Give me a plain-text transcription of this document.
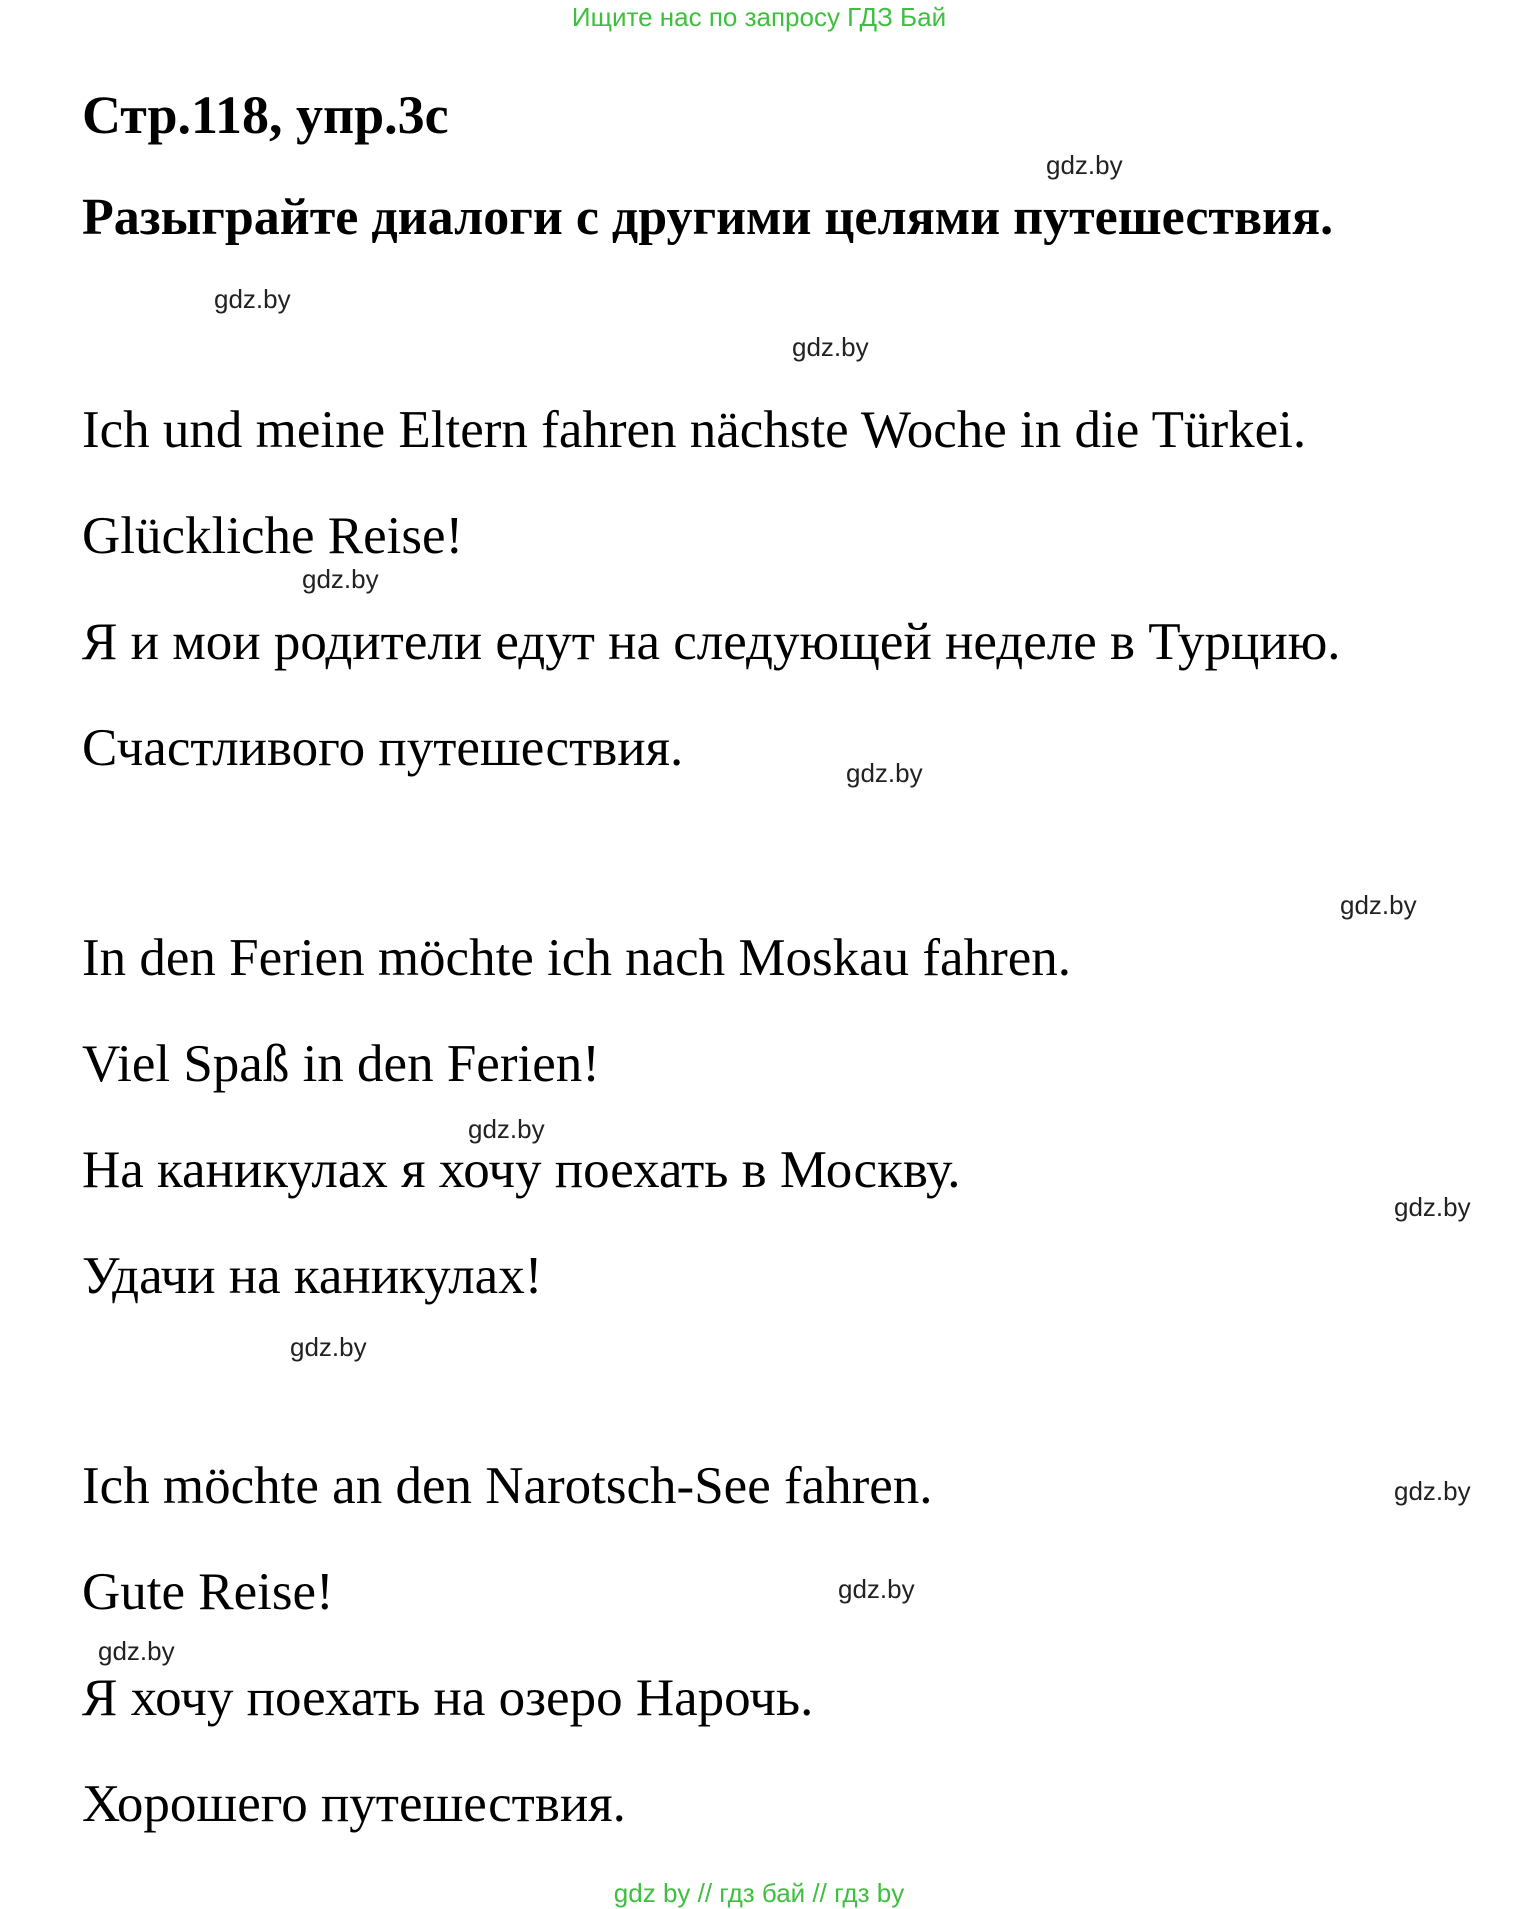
Ищите нас по запросу ГДЗ Бай
Стр.118, упр.3с
Разыграйте диалоги с другими целями путешествия.
Ich und meine Eltern fahren nächste Woche in die Türkei.
Glückliche Reise!
Я и мои родители едут на следующей неделе в Турцию.
Счастливого путешествия.
In den Ferien möchte ich nach Moskau fahren.
Viel Spaß in den Ferien!
На каникулах я хочу поехать в Москву.
Удачи на каникулах!
Ich möchte an den Narotsch-See fahren.
Gute Reise!
Я хочу поехать на озеро Нарочь.
Хорошего путешествия.
gdz.by
gdz.by
gdz.by
gdz.by
gdz.by
gdz.by
gdz.by
gdz.by
gdz.by
gdz.by
gdz.by
gdz.by
gdz by // гдз бай // гдз by
